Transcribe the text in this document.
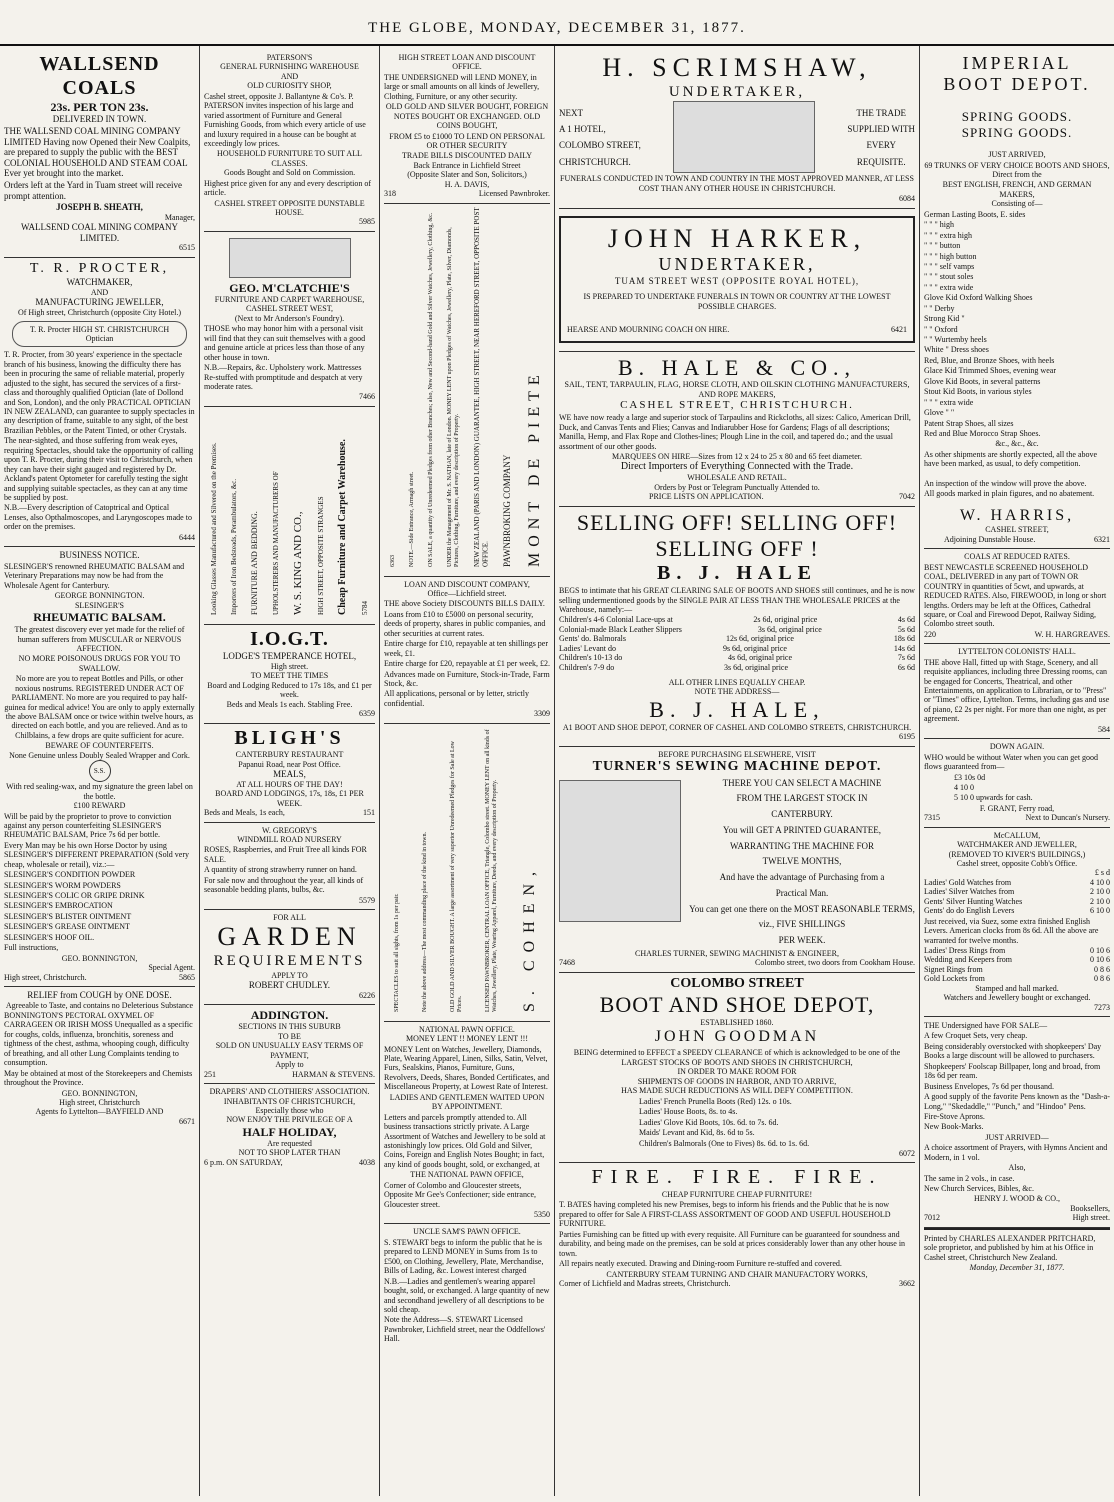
THE GLOBE, MONDAY, DECEMBER 31, 1877.
WALLSEND COALS
23s. PER TON 23s.
DELIVERED IN TOWN.

THE WALLSEND COAL MINING COMPANY LIMITED Having now Opened their New Coalpits, are prepared to supply the public with the BEST COLONIAL HOUSEHOLD AND STEAM COAL Ever yet brought into the market.

Orders left at the Yard in Tuam street will receive prompt attention.

JOSEPH B. SHEATH,
Manager,
WALLSEND COAL MINING COMPANY LIMITED.
6515
T. R. PROCTER,
WATCHMAKER,
AND
MANUFACTURING JEWELLER,
Of High street, Christchurch (opposite City Hotel.)
T. R. Procter HIGH ST. CHRISTCHURCH Optician

T. R. Procter, from 30 years' experience in the spectacle branch of his business, knowing the difficulty there has been in procuring the same of reliable material, properly adjusted to the sight, has secured the services of a first-class and thoroughly qualified Optician (late of Dollond and Son, London), and the only PRACTICAL OPTICIAN IN NEW ZEALAND, can guarantee to supply spectacles in any description of frame, suitable to any sight, of the best Brazilian Pebbles, or the Patent Tinted, or other Crystals.

The near-sighted, and those suffering from weak eyes, requiring Spectacles, should take the opportunity of calling upon T. R. Procter, during their visit to Christchurch, when they can have their sight gauged and registered by Dr. Ackland's patent Optometer for carefully testing the sight and supplying suitable spectacles, as they can at any time be supplied by post.

N.B.—Every description of Catoptrical and Optical Lenses, also Opthalmoscopes, and Laryngoscopes made to order on the premises.

6444
BUSINESS NOTICE.

SLESINGER'S renowned RHEUMATIC BALSAM and Veterinary Preparations may now be had from the Wholesale Agent for Canterbury.

GEORGE BONNINGTON.
SLESINGER'S
RHEUMATIC BALSAM.

The greatest discovery ever yet made for the relief of human sufferers from MUSCULAR or NERVOUS AFFECTION.

NO MORE POISONOUS DRUGS FOR YOU TO SWALLOW.

No more are you to repeat Bottles and Pills, or other noxious nostrums. REGISTERED UNDER ACT OF PARLIAMENT. No more are you required to pay half-guinea for medical advice! You are only to apply externally the above BALSAM once or twice within twelve hours, as directed on each bottle, and you are relieved. And as to Chilblains, a few drops are quite sufficient for acure.

BEWARE OF COUNTERFEITS.
None Genuine unless Doubly Sealed Wrapper and Cork.
S.S.
With red sealing-wax, and my signature the green label on the bottle.
£100 REWARD

Will be paid by the proprietor to prove to conviction against any person counterfeiting SLESINGER'S RHEUMATIC BALSAM, Price 7s 6d per bottle.

Every Man may be his own Horse Doctor by using SLESINGER'S DIFFERENT PREPARATION (Sold very cheap, wholesale or retail), viz.:—

SLESINGER'S CONDITION POWDER
SLESINGER'S WORM POWDERS
SLESINGER'S COLIC OR GRIPE DRINK
SLESINGER'S EMBROCATION
SLESINGER'S BLISTER OINTMENT
SLESINGER'S GREASE OINTMENT
SLESINGER'S HOOF OIL.
Full instructions,
GEO. BONNINGTON,
Special Agent.
High street, Christchurch.	5865
RELIEF from COUGH by ONE DOSE.
Agreeable to Taste, and contains no Deleterious Substance

BONNINGTON'S PECTORAL OXYMEL OF CARRAGEEN OR IRISH MOSS Unequalled as a specific for coughs, colds, influenza, bronchitis, soreness and tightness of the chest, asthma, whooping cough, difficulty of breathing, and all other Lung Complaints tending to consumption.

May be obtained at most of the Storekeepers and Chemists throughout the Province.

GEO. BONNINGTON,
High street, Christchurch
Agents fo Lyttelton—BAYFIELD AND
6671
PATERSON'S
GENERAL FURNISHING WAREHOUSE
AND
OLD CURIOSITY SHOP,

Cashel street, opposite J. Ballantyne & Co's. P. PATERSON invites inspection of his large and varied assortment of Furniture and General Furnishing Goods, from which every article of use and luxury required in a house can be bought at exceedingly low prices.

HOUSEHOLD FURNITURE TO SUIT ALL CLASSES.
Goods Bought and Sold on Commission.

Highest price given for any and every description of article.

CASHEL STREET OPPOSITE DUNSTABLE HOUSE.
5985
GEO. M'CLATCHIE'S
FURNITURE AND CARPET WAREHOUSE,
CASHEL STREET WEST,
(Next to Mr Anderson's Foundry).

THOSE who may honor him with a personal visit will find that they can suit themselves with a good and genuine article at prices less than those of any other house in town.

N.B.—Repairs, &c. Upholstery work. Mattresses Re-stuffed with promptitude and despatch at very moderate rates.

7466
Looking Glasses Manufactured and Silvered on the Premises. Importers of Iron Bedsteads, Perambulators, &c. FURNITURE AND BEDDING. UPHOLSTERERS AND MANUFACTURERS OF W. S. KING AND CO., HIGH STREET, OPPOSITE STRANGES Cheap Furniture and Carpet Warehouse. 5784
I.O.G.T.
LODGE'S TEMPERANCE HOTEL,
High street.
TO MEET THE TIMES
Board and Lodging Reduced to 17s 18s, and £1 per week.
Beds and Meals 1s each. Stabling Free.
6359
BLIGH'S
CANTERBURY RESTAURANT
Papanui Road, near Post Office.
MEALS,
AT ALL HOURS OF THE DAY!
BOARD AND LODGINGS, 17s, 18s, £1 PER WEEK.
Beds and Meals, 1s each,	151
W. GREGORY'S
WINDMILL ROAD NURSERY

ROSES, Raspberries, and Fruit Tree all kinds FOR SALE.

A quantity of strong strawberry runner on hand.

For sale now and throughout the year, all kinds of seasonable bedding plants, bulbs, &c.

5579
FOR ALL
GARDEN
REQUIREMENTS
APPLY TO
ROBERT CHUDLEY.
6226
ADDINGTON.
SECTIONS IN THIS SUBURB
TO BE
SOLD ON UNUSUALLY EASY TERMS OF PAYMENT,
Apply to
251	HARMAN & STEVENS.
DRAPERS' AND CLOTHIERS' ASSOCIATION.
INHABITANTS OF CHRISTCHURCH,
Especially those who
NOW ENJOY THE PRIVILEGE OF A
HALF HOLIDAY,
Are requested
NOT TO SHOP LATER THAN
6 p.m. ON SATURDAY,	4038
HIGH STREET LOAN AND DISCOUNT OFFICE.

THE UNDERSIGNED will LEND MONEY, in large or small amounts on all kinds of Jewellery, Clothing, Furniture, or any other security.

OLD GOLD AND SILVER BOUGHT, FOREIGN NOTES BOUGHT OR EXCHANGED. OLD COINS BOUGHT,

FROM £5 to £1000 TO LEND ON PERSONAL OR OTHER SECURITY

TRADE BILLS DISCOUNTED DAILY
Back Entrance in Lichfield Street
(Opposite Slater and Son, Solicitors,)
H. A. DAVIS,
318	Licensed Pawnbroker.
6363 NOTE.—Side Entrance, Armagh street. ON SALE, a quantity of Unredeemed Pledges from other Branches; also, New and Second-hand Gold and Silver Watches, Jewellery, Clothing, &c. UNDER the Management of Mr. S. NATHAN, late of London. MONEY LENT upon Pledges of Watches, Jewellery, Plate, Silver, Diamonds, Pictures, Clothing, Furniture, and every description of Property. NEW ZEALAND (PARIS AND LONDON) GUARANTEE, HIGH STREET, NEAR HEREFORD STREET, OPPOSITE POST OFFICE. PAWNBROKING COMPANY MONT DE PIETE
LOAN AND DISCOUNT COMPANY,
Office—Lichfield street.

THE above Society DISCOUNTS BILLS DAILY.

Loans from £10 to £5000 on personal security, deeds of property, shares in public companies, and other securities at current rates.

Entire charge for £10, repayable at ten shillings per week, £1.

Entire charge for £20, repayable at £1 per week, £2.

Advances made on Furniture, Stock-in-Trade, Farm Stock, &c.

All applications, personal or by letter, strictly confidential.

3309
SPECTACLES to suit all sights, from 1s per pair.	Note the above address—The most commanding place of the kind in town.	OLD GOLD AND SILVER BOUGHT. A large assortment of very superior Unredeemed Pledges for Sale at Low Prices.	LICENSED PAWNBROKER, CENTRAL LOAN OFFICE, Triangle, Colombo street. MONEY LENT on all kinds of Watches, Jewellery, Plate, Wearing Apparel, Furniture, Deeds, and every description of Property. S. COHEN,
NATIONAL PAWN OFFICE.
MONEY LENT !! MONEY LENT !!!

MONEY Lent on Watches, Jewellery, Diamonds, Plate, Wearing Apparel, Linen, Silks, Satin, Velvet, Furs, Sealskins, Pianos, Furniture, Guns, Revolvers, Deeds, Shares, Bonded Certificates, and Miscellaneous Property, at Lowest Rate of Interest.

LADIES AND GENTLEMEN WAITED UPON BY APPOINTMENT.

Letters and parcels promptly attended to. All business transactions strictly private. A Large Assortment of Watches and Jewellery to be sold at astonishingly low prices. Old Gold and Silver, Coins, Foreign and English Notes Bought; in fact, any kind of goods bought, sold, or exchanged, at

THE NATIONAL PAWN OFFICE,

Corner of Colombo and Gloucester streets, Opposite Mr Gee's Confectioner; side entrance, Gloucester street.

5350
UNCLE SAM'S PAWN OFFICE.

S. STEWART begs to inform the public that he is prepared to LEND MONEY in Sums from 1s to £500, on Clothing, Jewellery, Plate, Merchandise, Bills of Lading, &c. Lowest interest charged

N.B.—Ladies and gentlemen's wearing apparel bought, sold, or exchanged. A large quantity of new and secondhand jewellery of all descriptions to be sold cheap.

Note the Address—S. STEWART Licensed Pawnbroker, Lichfield street, near the Oddfellows' Hall.

H. SCRIMSHAW,
UNDERTAKER,
NEXT
A 1 HOTEL,
COLOMBO STREET,
CHRISTCHURCH.
THE TRADE
SUPPLIED WITH
EVERY
REQUISITE.

FUNERALS CONDUCTED IN TOWN AND COUNTRY IN THE MOST APPROVED MANNER, AT LESS COST THAN ANY OTHER HOUSE IN CHRISTCHURCH.

6084
JOHN HARKER,
UNDERTAKER,
TUAM STREET WEST (OPPOSITE ROYAL HOTEL),
IS PREPARED TO UNDERTAKE FUNERALS IN TOWN OR COUNTRY AT THE LOWEST POSSIBLE CHARGES.
HEARSE AND MOURNING COACH ON HIRE.	6421
B. HALE & CO.,
SAIL, TENT, TARPAULIN, FLAG, HORSE CLOTH, AND OILSKIN CLOTHING MANUFACTURERS, AND ROPE MAKERS,
CASHEL STREET, CHRISTCHURCH.

WE have now ready a large and superior stock of Tarpaulins and Rickcloths, all sizes: Calico, American Drill, Duck, and Canvas Tents and Flies; Canvas and Indiarubber Hose for Gardens; Flags of all descriptions; Manilla, Hemp, and Flax Rope and Clothes-lines; Plough Line in the coil, and tapered do.; and the usual assortment of our other goods.

MARQUEES ON HIRE—Sizes from 12 x 24 to 25 x 80 and 65 feet diameter.
Direct Importers of Everything Connected with the Trade.
WHOLESALE AND RETAIL.
Orders by Post or Telegram Punctually Attended to.
PRICE LISTS ON APPLICATION.	7042
SELLING OFF! SELLING OFF! SELLING OFF !
B. J. HALE

BEGS to intimate that his GREAT CLEARING SALE OF BOOTS AND SHOES still continues, and he is now selling undermentioned goods by the SINGLE PAIR AT LESS THAN THE WHOLESALE PRICES at the Warehouse, namely:—

Children's 4-6 Colonial Lace-ups at	2s 6d, original price	4s 6d
Colonial-made Black Leather Slippers	3s 6d, original price	5s 6d
Gents' do. Balmorals	12s 6d, original price	18s 6d
Ladies' Levant do	9s 6d, original price	14s 6d
Children's 10-13 do	4s 6d, original price	7s 6d
Children's 7-9 do	3s 6d, original price	6s 6d
ALL OTHER LINES EQUALLY CHEAP.
NOTE THE ADDRESS—
B. J. HALE,
A1 BOOT AND SHOE DEPOT, CORNER OF CASHEL AND COLOMBO STREETS, CHRISTCHURCH.
6195
BEFORE PURCHASING ELSEWHERE, VISIT
TURNER'S SEWING MACHINE DEPOT.
THERE YOU CAN SELECT A MACHINE
FROM THE LARGEST STOCK IN
CANTERBURY.
You will GET A PRINTED GUARANTEE,
WARRANTING THE MACHINE FOR
TWELVE MONTHS,
And have the advantage of Purchasing from a
Practical Man.
You can get one there on the MOST REASONABLE TERMS, viz., FIVE SHILLINGS
PER WEEK.
CHARLES TURNER, SEWING MACHINIST & ENGINEER,
7468	Colombo street, two doors from Cookham House.
COLOMBO STREET
BOOT AND SHOE DEPOT,
ESTABLISHED 1860.
JOHN GOODMAN

BEING determined to EFFECT a SPEEDY CLEARANCE of which is acknowledged to be one of the

LARGEST STOCKS OF BOOTS AND SHOES IN CHRISTCHURCH,
IN ORDER TO MAKE ROOM FOR
SHIPMENTS OF GOODS IN HARBOR, AND TO ARRIVE,
HAS MADE SUCH REDUCTIONS AS WILL DEFY COMPETITION.
Ladies' French Prunella Boots (Red) 12s. o 10s.
Ladies' House Boots, 8s. to 4s.
Ladies' Glove Kid Boots, 10s. 6d. to 7s. 6d.
Maids' Levant and Kid, 8s. 6d to 5s.
Children's Balmorals (One to Fives) 8s. 6d. to 1s. 6d.
6072
FIRE. FIRE. FIRE.
CHEAP FURNITURE CHEAP FURNITURE!

T. BATES having completed his new Premises, begs to inform his friends and the Public that he is now prepared to offer for Sale A FIRST-CLASS ASSORTMENT OF GOOD AND USEFUL HOUSEHOLD FURNITURE.

Parties Furnishing can be fitted up with every requisite. All Furniture can be guaranteed for soundness and durability, and being made on the premises, can be sold at prices considerably lower than any other house in town.

All repairs neatly executed. Drawing and Dining-room Furniture re-stuffed and covered.

CANTERBURY STEAM TURNING AND CHAIR MANUFACTORY WORKS,
Corner of Lichfield and Madras streets, Christchurch.	3662
IMPERIAL
BOOT DEPOT.
SPRING GOODS.
SPRING GOODS.
JUST ARRIVED,

69 TRUNKS OF VERY CHOICE BOOTS AND SHOES, Direct from the

BEST ENGLISH, FRENCH, AND GERMAN MAKERS,
Consisting of—
German Lasting Boots, E. sides
" " " high
" " " extra high
" " " button
" " " high button
" " " self vamps
" " " stout soles
" " " extra wide
Glove Kid Oxford Walking Shoes
" " Derby
Strong Kid "
" " Oxford
" " Wurtemby heels
White " Dress shoes
Red, Blue, and Bronze Shoes, with heels
Glace Kid Trimmed Shoes, evening wear
Glove Kid Boots, in several patterns
Stout Kid Boots, in various styles
" " " extra wide
Glove " "
Patent Strap Shoes, all sizes
Red and Blue Morocco Strap Shoes.
&c., &c., &c.

As other shipments are shortly expected, all the above have been marked, as usual, to defy competition.

An inspection of the window will prove the above.

All goods marked in plain figures, and no abatement.

W. HARRIS,
CASHEL STREET,
Adjoining Dunstable House.	6321
COALS AT REDUCED RATES.

BEST NEWCASTLE SCREENED HOUSEHOLD COAL, DELIVERED in any part of TOWN OR COUNTRY in quantities of 5cwt, and upwards, at REDUCED RATES. Also, FIREWOOD, in long or short lengths. Orders may be left at the Offices, Cathedral square, or Coal and Firewood Depot, Railway Siding, Colombo street south.

220	W. H. HARGREAVES.
LYTTELTON COLONISTS' HALL.

THE above Hall, fitted up with Stage, Scenery, and all requisite appliances, including three Dressing rooms, can be engaged for Concerts, Theatrical, and other Entertainments, on application to Librarian, or to "Press" or "Times" office, Lyttelton. Terms, including gas and use of piano, £2 2s per night. For more than one night, as per agreement.

584
DOWN AGAIN.

WHO would be without Water when you can get good flows guaranteed from—

£3 10s 0d
4 10 0
5 10 0 upwards for cash.
F. GRANT, Ferry road,
7315	Next to Duncan's Nursery.
McCALLUM,
WATCHMAKER AND JEWELLER,
(REMOVED TO KIVER'S BUILDINGS,)
Cashel street, opposite Cobb's Office.
£ s d
Ladies' Gold Watches from	4 10 0
Ladies' Silver Watches from	2 10 0
Gents' Silver Hunting Watches	2 10 0
Gents' do do English Levers	6 10 0

Just received, via Suez, some extra finished English Levers. American clocks from 8s 6d. All the above are warranted for twelve months.

Ladies' Dress Rings from	0 10 6
Wedding and Keepers from	0 10 6
Signet Rings from	0 8 6
Gold Lockets from	0 8 6
Stamped and hall marked.
Watchers and Jewellery bought or exchanged.
7273

THE Undersigned have FOR SALE—

A few Croquet Sets, very cheap.

Being considerably overstocked with shopkeepers' Day Books a large discount will be allowed to purchasers.

Shopkeepers' Foolscap Billpaper, long and broad, from 18s 6d per ream.

Business Envelopes, 7s 6d per thousand.

A good supply of the favorite Pens known as the "Dash-a-Long," "Skedaddle," "Punch," and "Hindoo" Pens.

Fire-Stove Aprons.

New Book-Marks.

JUST ARRIVED—

A choice assortment of Prayers, with Hymns Ancient and Modern, in 1 vol.

Also,

The same in 2 vols., in case.

New Church Services, Bibles, &c.

HENRY J. WOOD & CO.,
Booksellers,
7012	High street.

Printed by CHARLES ALEXANDER PRITCHARD, sole proprietor, and published by him at his Office in Cashel street, Christchurch New Zealand.

Monday, December 31, 1877.
